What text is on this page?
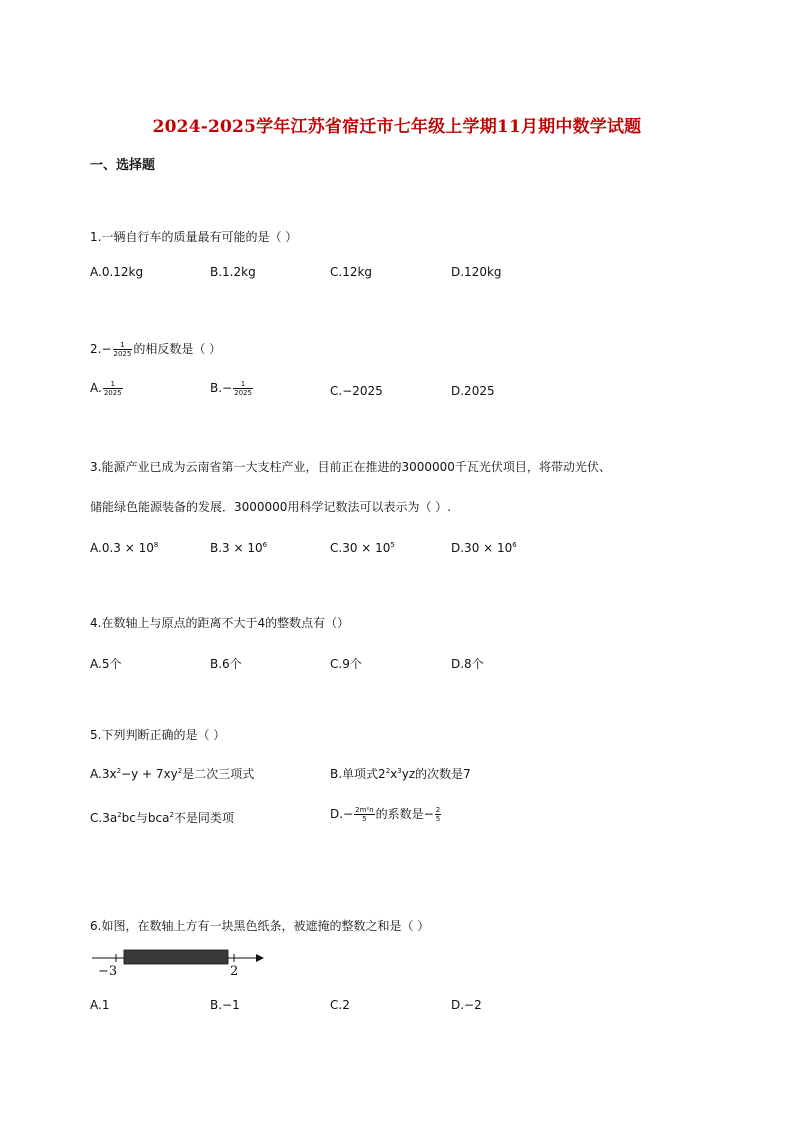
2024-2025学年江苏省宿迁市七年级上学期11月期中数学试题
一、选择题
1.一辆自行车的质量最有可能的是（ ）
A.0.12kg	B.1.2kg	C.12kg	D.120kg
$2.- \frac{1}{2025}$ 的相反数是（ ）
A. $\frac{1}{2025}$	$B.- \frac{1}{2025}$	C.−2025	D.2025
3.能源产业已成为云南省第一大支柱产业，目前正在推进的3000000千瓦光伏项目，将带动光伏、
储能绿色能源装备的发展．3000000用科学记数法可以表示为（ ）.
$A.0.3 \times 10^8$	$B.3 \times 10^6$	$C.30 \times 10^5$	$D.30 \times 10^6$
4.在数轴上与原点的距离不大于4的整数点有（）
A.5个	B.6个	C.9个	D.8个
5.下列判断正确的是（ ）
$A.3x^2-y + 7xy^2$是二次三项式	B.单项式$2^2x^3yz$的次数是7
$C.3a^2bc$与bca$^2$不是同类项	$D.- \frac{\text{2m²n}}{5}$ 的系数是− $\frac{2}{5}$
6.如图，在数轴上方有一块黑色纸条，被遮掩的整数之和是（ ）
−3	2
A.1	B.−1	C.2	D.−2
